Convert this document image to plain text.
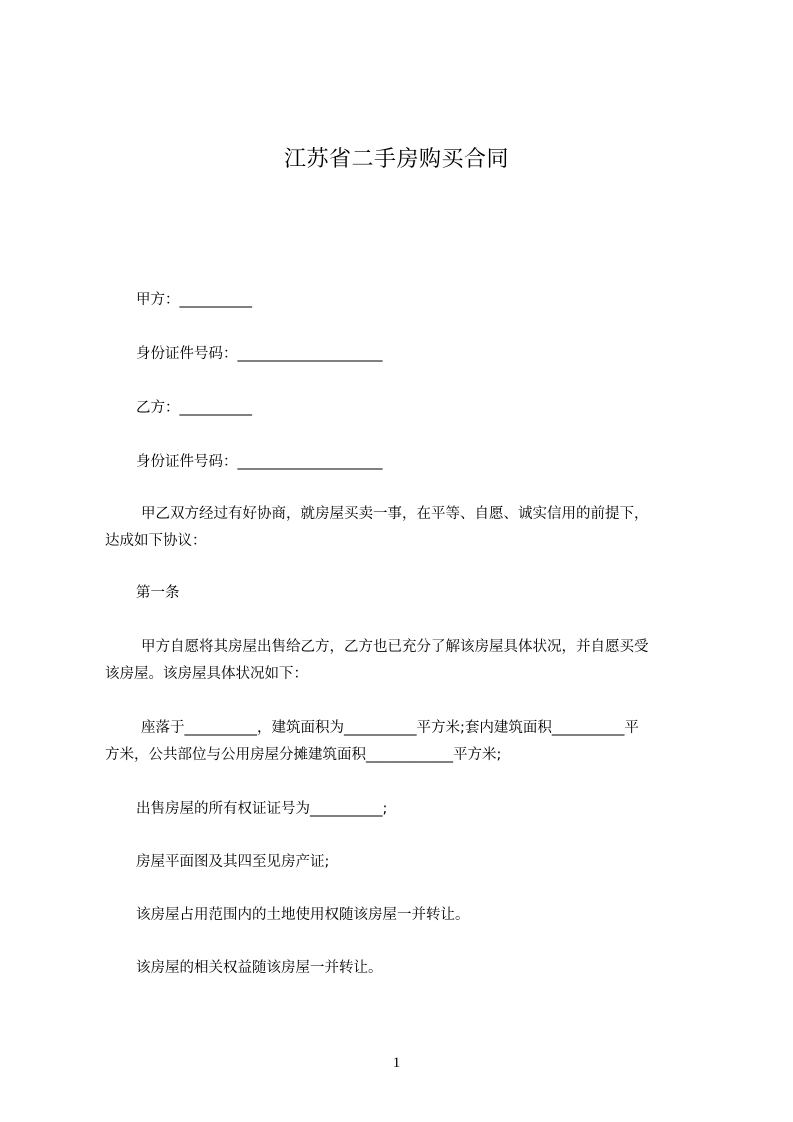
江苏省二手房购买合同
甲方：__________
身份证件号码：____________________
乙方：__________
身份证件号码：____________________
甲乙双方经过有好协商，就房屋买卖一事，在平等、自愿、诚实信用的前提下，
达成如下协议：
第一条
甲方自愿将其房屋出售给乙方，乙方也已充分了解该房屋具体状况，并自愿买受
该房屋。该房屋具体状况如下：
座落于__________，建筑面积为__________平方米;套内建筑面积__________平
方米，公共部位与公用房屋分摊建筑面积____________平方米;
出售房屋的所有权证证号为__________;
房屋平面图及其四至见房产证;
该房屋占用范围内的土地使用权随该房屋一并转让。
该房屋的相关权益随该房屋一并转让。
1
